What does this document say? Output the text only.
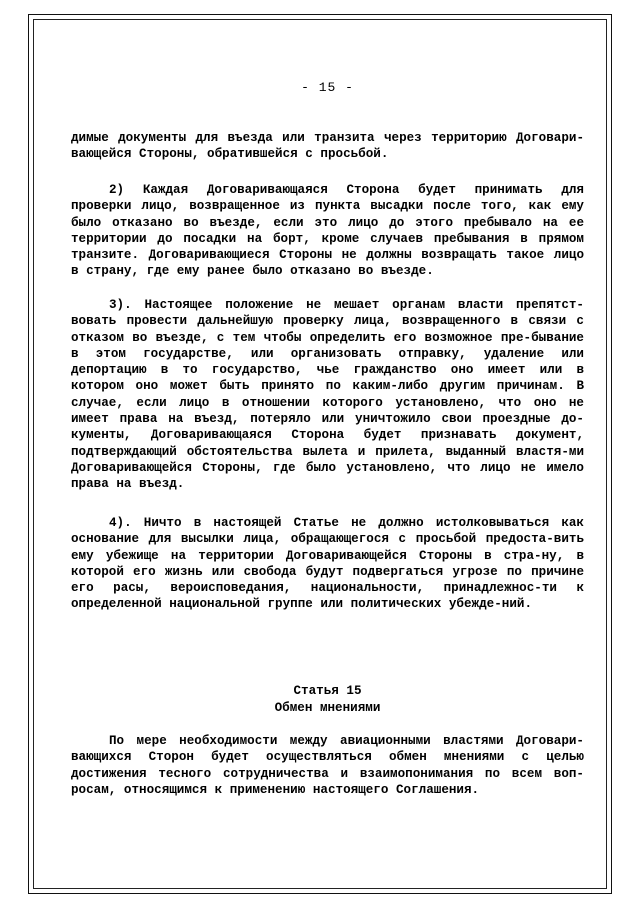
- 15 -

димые документы для въезда или транзита через территорию Договари-вающейся Стороны, обратившейся с просьбой.

2) Каждая Договаривающаяся Сторона будет принимать для проверки лицо, возвращенное из пункта высадки после того, как ему было отказано во въезде, если это лицо до этого пребывало на ее территории до посадки на борт, кроме случаев пребывания в прямом транзите. Договаривающиеся Стороны не должны возвращать такое лицо в страну, где ему ранее было отказано во въезде.

3). Настоящее положение не мешает органам власти препятст-вовать провести дальнейшую проверку лица, возвращенного в связи с отказом во въезде, с тем чтобы определить его возможное пре-бывание в этом государстве, или организовать отправку, удаление или депортацию в то государство, чье гражданство оно имеет или в котором оно может быть принято по каким-либо другим причинам. В случае, если лицо в отношении которого установлено, что оно не имеет права на въезд, потеряло или уничтожило свои проездные до-кументы, Договаривающаяся Сторона будет признавать документ, подтверждающий обстоятельства вылета и прилета, выданный властя-ми Договаривающейся Стороны, где было установлено, что лицо не имело права на въезд.

4). Ничто в настоящей Статье не должно истолковываться как основание для высылки лица, обращающегося с просьбой предоста-вить ему убежище на территории Договаривающейся Стороны в стра-ну, в которой его жизнь или свобода будут подвергаться угрозе по причине его расы, вероисповедания, национальности, принадлежнос-ти к определенной национальной группе или политических убежде-ний.

Статья 15
Обмен мнениями

По мере необходимости между авиационными властями Договари-вающихся Сторон будет осуществляться обмен мнениями с целью достижения тесного сотрудничества и взаимопонимания по всем воп-росам, относящимся к применению настоящего Соглашения.
